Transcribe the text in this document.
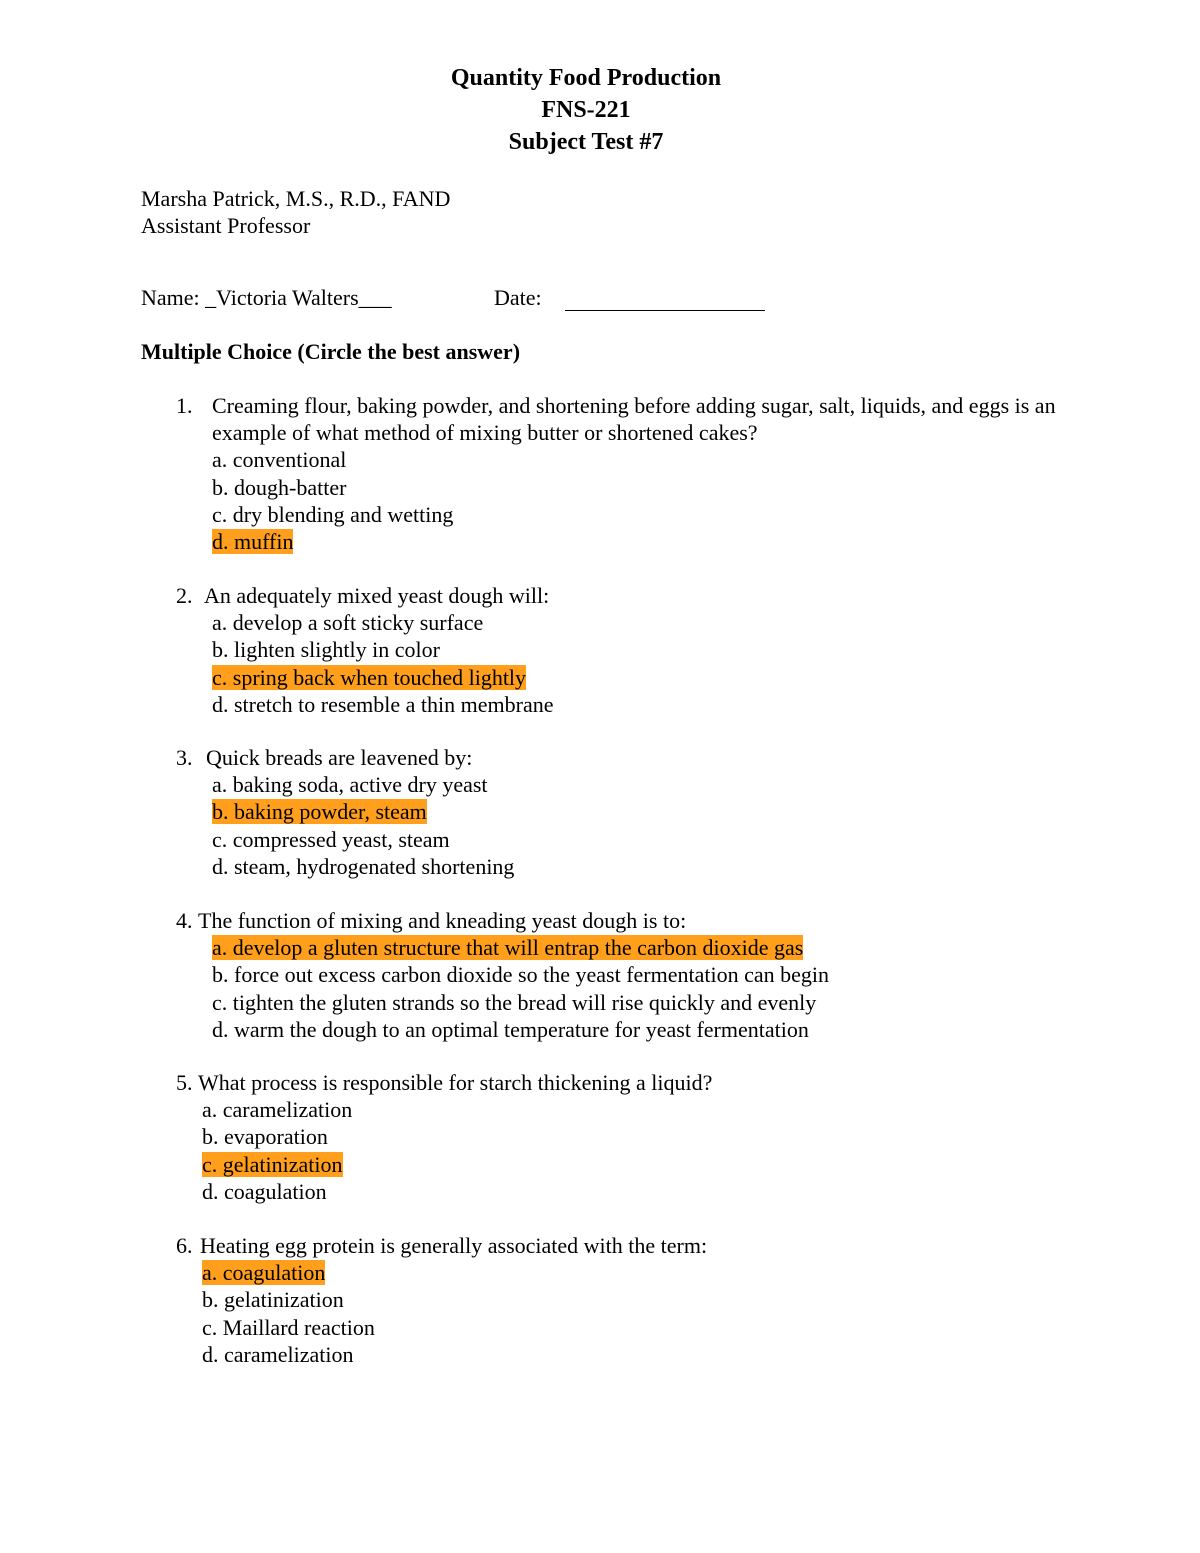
Quantity Food Production
FNS-221
Subject Test #7
Marsha Patrick, M.S., R.D., FAND
Assistant Professor
Name: _Victoria Walters___	Date:
Multiple Choice (Circle the best answer)
1. Creaming flour, baking powder, and shortening before adding sugar, salt, liquids, and eggs is an
example of what method of mixing butter or shortened cakes?
a. conventional
b. dough-batter
c. dry blending and wetting
d. muffin
2. An adequately mixed yeast dough will:
a. develop a soft sticky surface
b. lighten slightly in color
c. spring back when touched lightly
d. stretch to resemble a thin membrane
3. Quick breads are leavened by:
a. baking soda, active dry yeast
b. baking powder, steam
c. compressed yeast, steam
d. steam, hydrogenated shortening
4. The function of mixing and kneading yeast dough is to:
a. develop a gluten structure that will entrap the carbon dioxide gas
b. force out excess carbon dioxide so the yeast fermentation can begin
c. tighten the gluten strands so the bread will rise quickly and evenly
d. warm the dough to an optimal temperature for yeast fermentation
5. What process is responsible for starch thickening a liquid?
a. caramelization
b. evaporation
c. gelatinization
d. coagulation
6. Heating egg protein is generally associated with the term:
a. coagulation
b. gelatinization
c. Maillard reaction
d. caramelization
